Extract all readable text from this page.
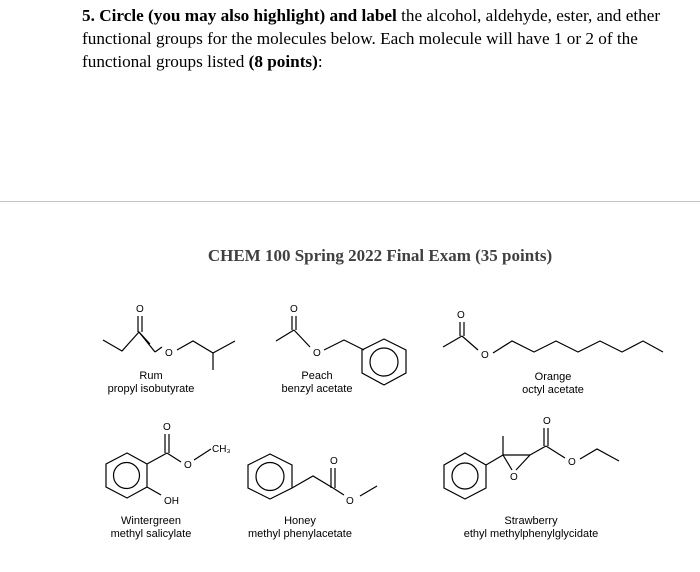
5. Circle (you may also highlight) and label the alcohol, aldehyde, ester, and ether functional groups for the molecules below. Each molecule will have 1 or 2 of the functional groups listed (8 points):
CHEM 100 Spring 2022 Final Exam (35 points)
O
O
O
O
O
O
O
O
CH₃
OH
O
O
O
O
O
Rum
propyl isobutyrate
Peach
benzyl acetate
Orange
octyl acetate
Wintergreen
methyl salicylate
Honey
methyl phenylacetate
Strawberry
ethyl methylphenylglycidate
